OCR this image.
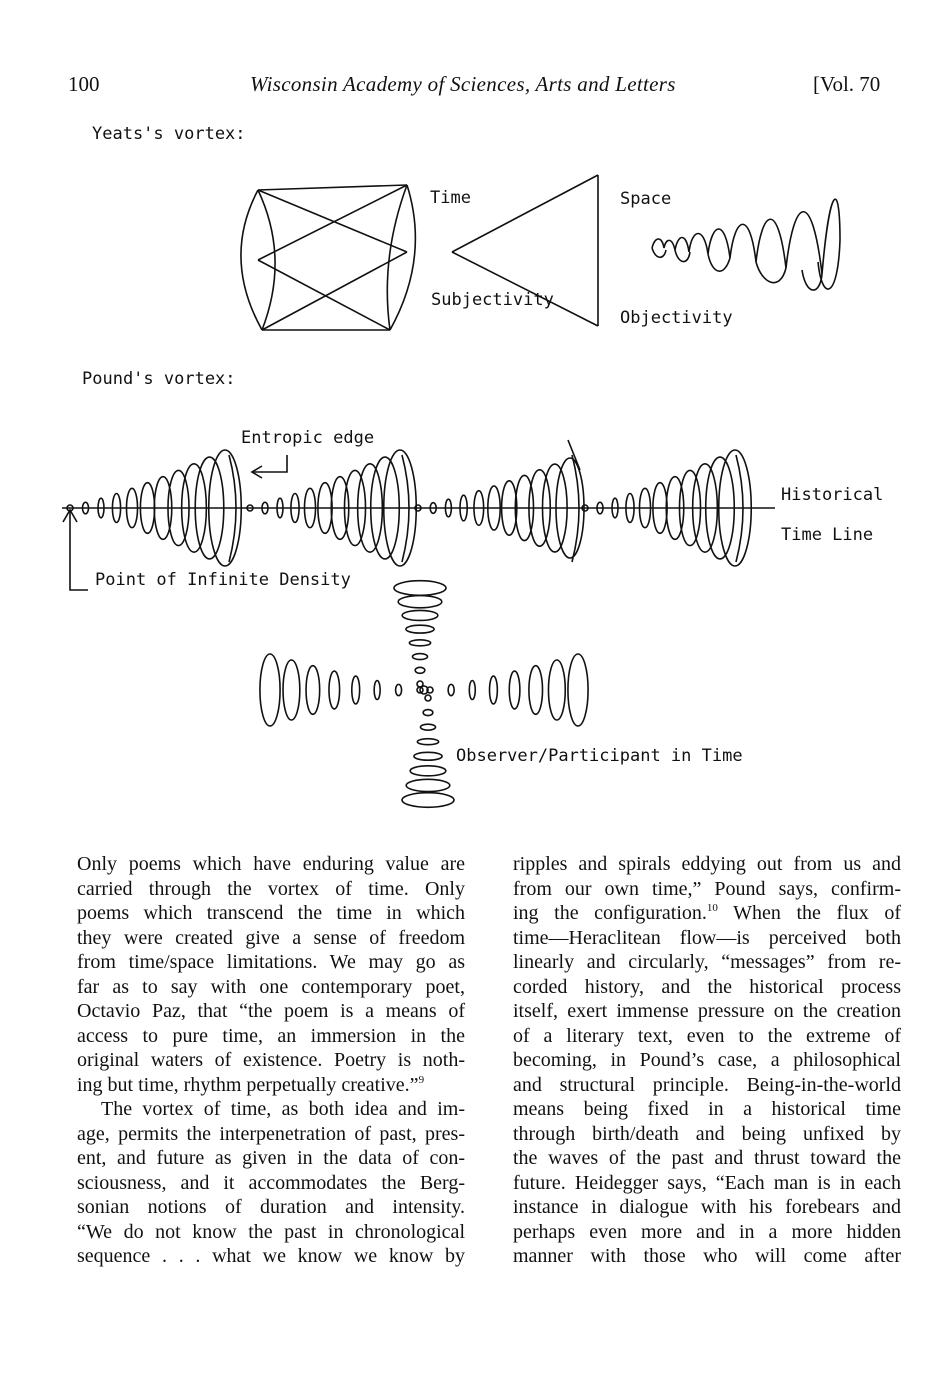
100	Wisconsin Academy of Sciences, Arts and Letters	[Vol. 70
Yeats's vortex:
Time
Subjectivity
Space
Objectivity
Pound's vortex:
Entropic edge
Historical
Time Line
Point of Infinite Density
Observer/Participant in Time
Only poems which have enduring value are
carried through the vortex of time. Only
poems which transcend the time in which
they were created give a sense of freedom
from time/space limitations. We may go as
far as to say with one contemporary poet,
Octavio Paz, that “the poem is a means of
access to pure time, an immersion in the
original waters of existence. Poetry is noth-
ing but time, rhythm perpetually creative.”$^9$
The vortex of time, as both idea and im-
age, permits the interpenetration of past, pres-
ent, and future as given in the data of con-
sciousness, and it accommodates the Berg-
sonian notions of duration and intensity.
“We do not know the past in chronological
sequence . . . what we know we know by
ripples and spirals eddying out from us and
from our own time,” Pound says, confirm-
ing the configuration.$^{10}$ When the flux of
time—Heraclitean flow—is perceived both
linearly and circularly, “messages” from re-
corded history, and the historical process
itself, exert immense pressure on the creation
of a literary text, even to the extreme of
becoming, in Pound’s case, a philosophical
and structural principle. Being-in-the-world
means being fixed in a historical time
through birth/death and being unfixed by
the waves of the past and thrust toward the
future. Heidegger says, “Each man is in each
instance in dialogue with his forebears and
perhaps even more and in a more hidden
manner with those who will come after
